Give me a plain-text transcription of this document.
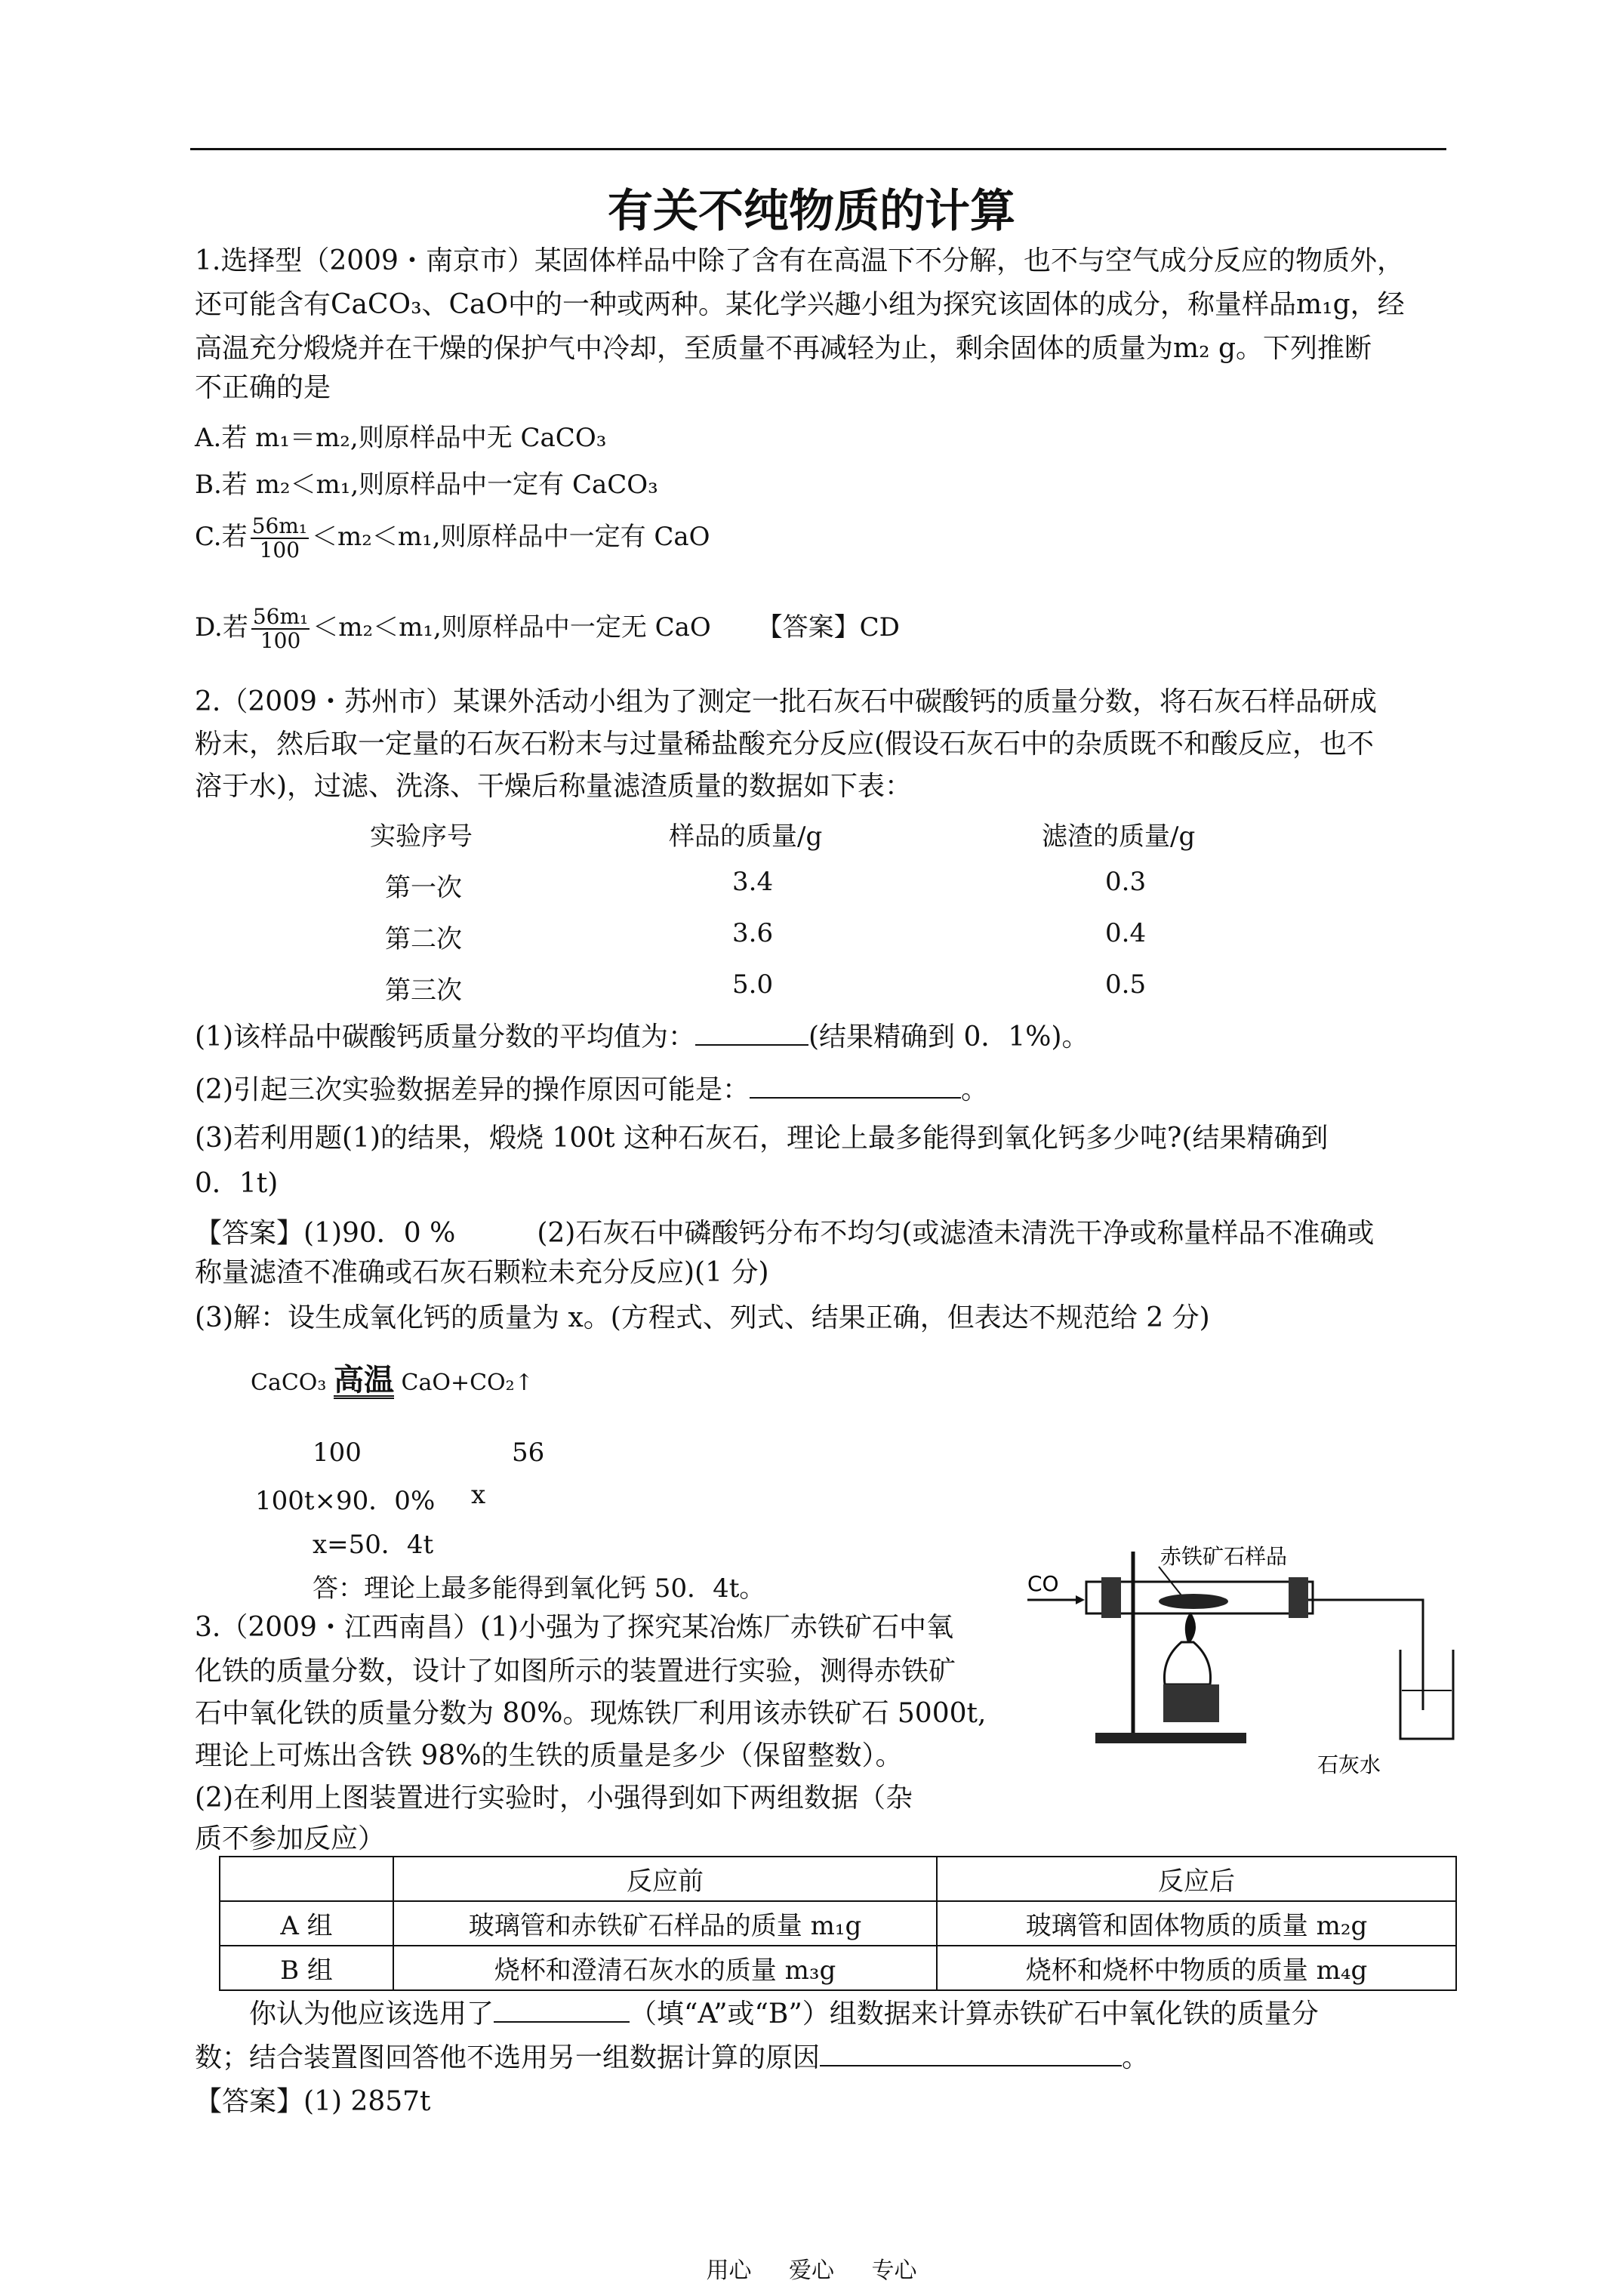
有关不纯物质的计算
1.选择型（2009・南京市）某固体样品中除了含有在高温下不分解，也不与空气成分反应的物质外，
还可能含有CaCO₃、CaO中的一种或两种。某化学兴趣小组为探究该固体的成分，称量样品m₁g，经
高温充分煅烧并在干燥的保护气中冷却，至质量不再减轻为止，剩余固体的质量为m₂ g。下列推断
不正确的是
A.若 m₁＝m₂,则原样品中无 CaCO₃
B.若 m₂＜m₁,则原样品中一定有 CaCO₃
C.若 $\frac{\text{56m₁}}{100} <m_2<m_1$,则原样品中一定有 CaO
D.若 $\frac{\text{56m₁}}{100} <m_2<m_1$,则原样品中一定无 CaO 【答案】CD
2.（2009・苏州市）某课外活动小组为了测定一批石灰石中碳酸钙的质量分数，将石灰石样品研成
粉末，然后取一定量的石灰石粉末与过量稀盐酸充分反应(假设石灰石中的杂质既不和酸反应，也不
溶于水)，过滤、洗涤、干燥后称量滤渣质量的数据如下表：
实验序号	样品的质量/g	滤渣的质量/g
第一次	3.4	0.3
第二次	3.6	0.4
第三次	5.0	0.5
(1)该样品中碳酸钙质量分数的平均值为：	(结果精确到 0．1%)。
(2)引起三次实验数据差异的操作原因可能是：	。
(3)若利用题(1)的结果，煅烧 100t 这种石灰石，理论上最多能得到氧化钙多少吨?(结果精确到
0．1t)
【答案】(1)90．0 %　　　(2)石灰石中磷酸钙分布不均匀(或滤渣未清洗干净或称量样品不准确或
称量滤渣不准确或石灰石颗粒未充分反应)(1 分)
(3)解：设生成氧化钙的质量为 x。(方程式、列式、结果正确，但表达不规范给 2 分)
CaCO₃ 高温 CaO+CO₂↑
100	56
100t×90．0% x
x=50．4t
答：理论上最多能得到氧化钙 50．4t。
3.（2009・江西南昌）(1)小强为了探究某冶炼厂赤铁矿石中氧
化铁的质量分数，设计了如图所示的装置进行实验，测得赤铁矿
石中氧化铁的质量分数为 80%。现炼铁厂利用该赤铁矿石 5000t,
理论上可炼出含铁 98%的生铁的质量是多少（保留整数）。
(2)在利用上图装置进行实验时，小强得到如下两组数据（杂
质不参加反应）
赤铁矿石样品
CO
石灰水
	反应前	反应后
A 组	玻璃管和赤铁矿石样品的质量 m₁g	玻璃管和固体物质的质量 m₂g
B 组	烧杯和澄清石灰水的质量 m₃g	烧杯和烧杯中物质的质量 m₄g
　　你认为他应该选用了	（填“A”或“B”）组数据来计算赤铁矿石中氧化铁的质量分
数；结合装置图回答他不选用另一组数据计算的原因	。
【答案】(1) 2857t
用心 爱心 专心
